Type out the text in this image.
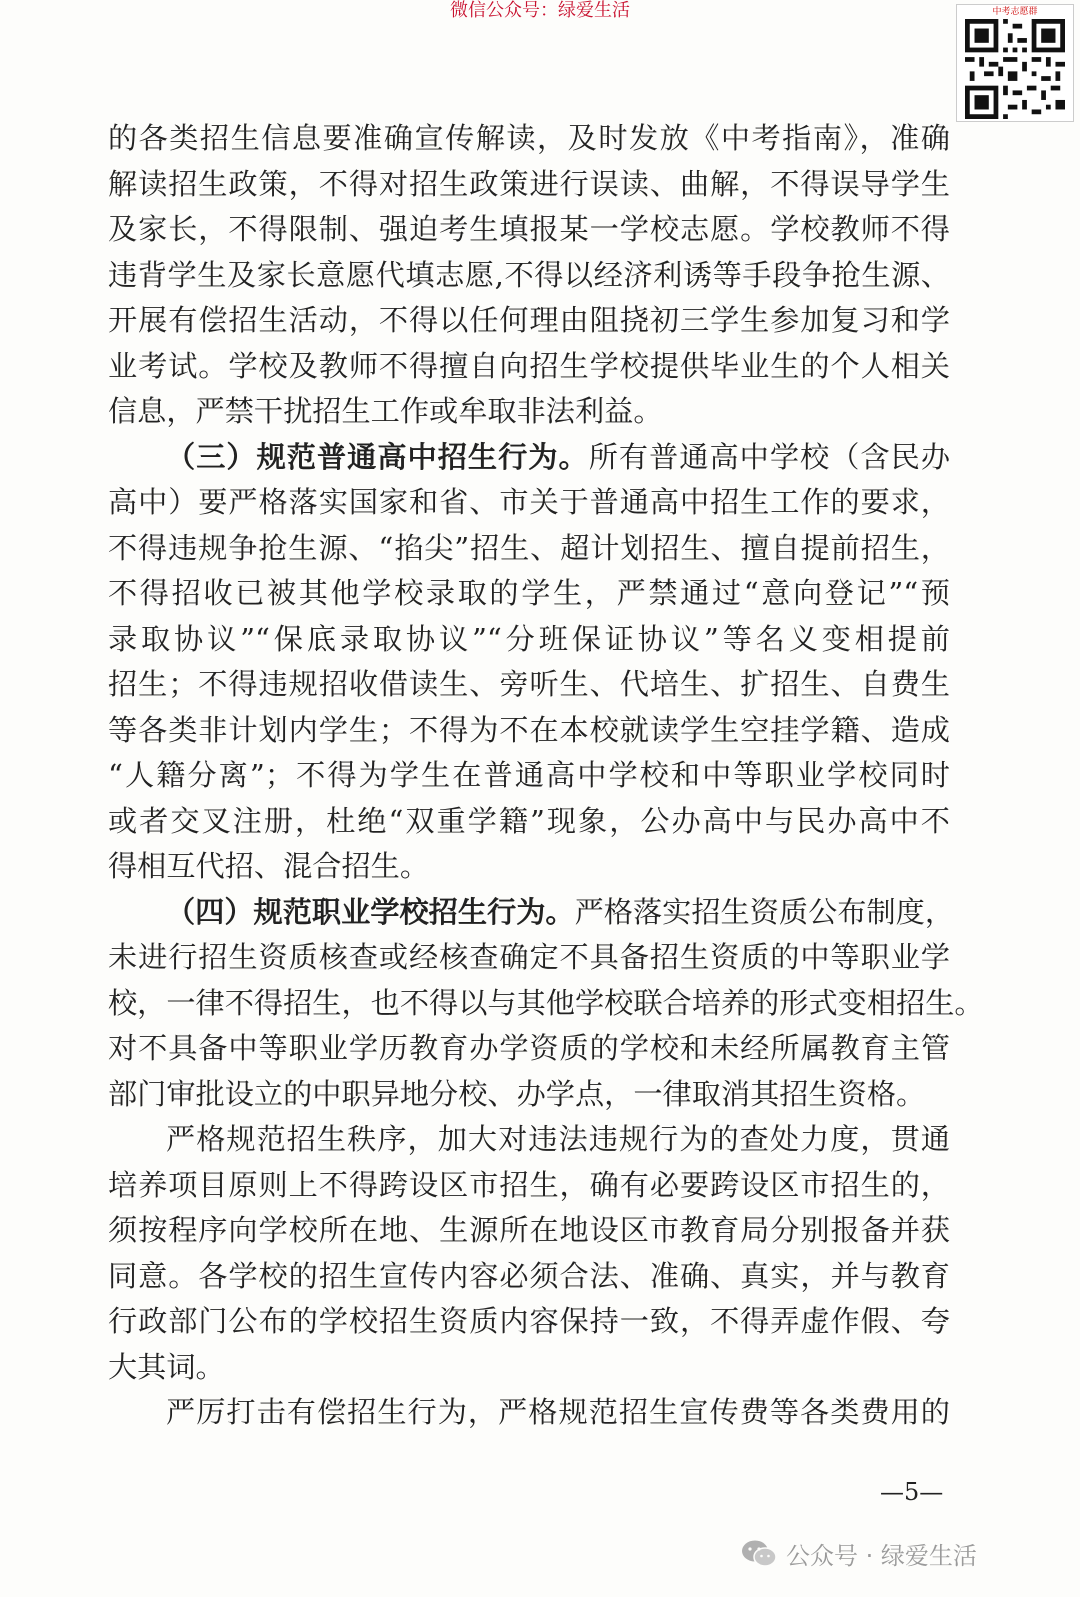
微信公众号：绿爱生活	中考志愿群
的各类招生信息要准确宣传解读，及时发放《中考指南》，准确
解读招生政策，不得对招生政策进行误读、曲解，不得误导学生
及家长，不得限制、强迫考生填报某一学校志愿。学校教师不得
违背学生及家长意愿代填志愿,不得以经济利诱等手段争抢生源、
开展有偿招生活动，不得以任何理由阻挠初三学生参加复习和学
业考试。学校及教师不得擅自向招生学校提供毕业生的个人相关
信息，严禁干扰招生工作或牟取非法利益。
（三）规范普通高中招生行为。所有普通高中学校（含民办
高中）要严格落实国家和省、市关于普通高中招生工作的要求，
不得违规争抢生源、“掐尖”招生、超计划招生、擅自提前招生，
不得招收已被其他学校录取的学生，严禁通过“意向登记”“预
录取协议”“保底录取协议”“分班保证协议”等名义变相提前
招生；不得违规招收借读生、旁听生、代培生、扩招生、自费生
等各类非计划内学生；不得为不在本校就读学生空挂学籍、造成
“人籍分离”；不得为学生在普通高中学校和中等职业学校同时
或者交叉注册，杜绝“双重学籍”现象，公办高中与民办高中不
得相互代招、混合招生。
（四）规范职业学校招生行为。严格落实招生资质公布制度，
未进行招生资质核查或经核查确定不具备招生资质的中等职业学
校，一律不得招生，也不得以与其他学校联合培养的形式变相招生。
对不具备中等职业学历教育办学资质的学校和未经所属教育主管
部门审批设立的中职异地分校、办学点，一律取消其招生资格。
严格规范招生秩序，加大对违法违规行为的查处力度，贯通
培养项目原则上不得跨设区市招生，确有必要跨设区市招生的，
须按程序向学校所在地、生源所在地设区市教育局分别报备并获
同意。各学校的招生宣传内容必须合法、准确、真实，并与教育
行政部门公布的学校招生资质内容保持一致，不得弄虚作假、夸
大其词。
严厉打击有偿招生行为，严格规范招生宣传费等各类费用的
—5—
公众号 · 绿爱生活
